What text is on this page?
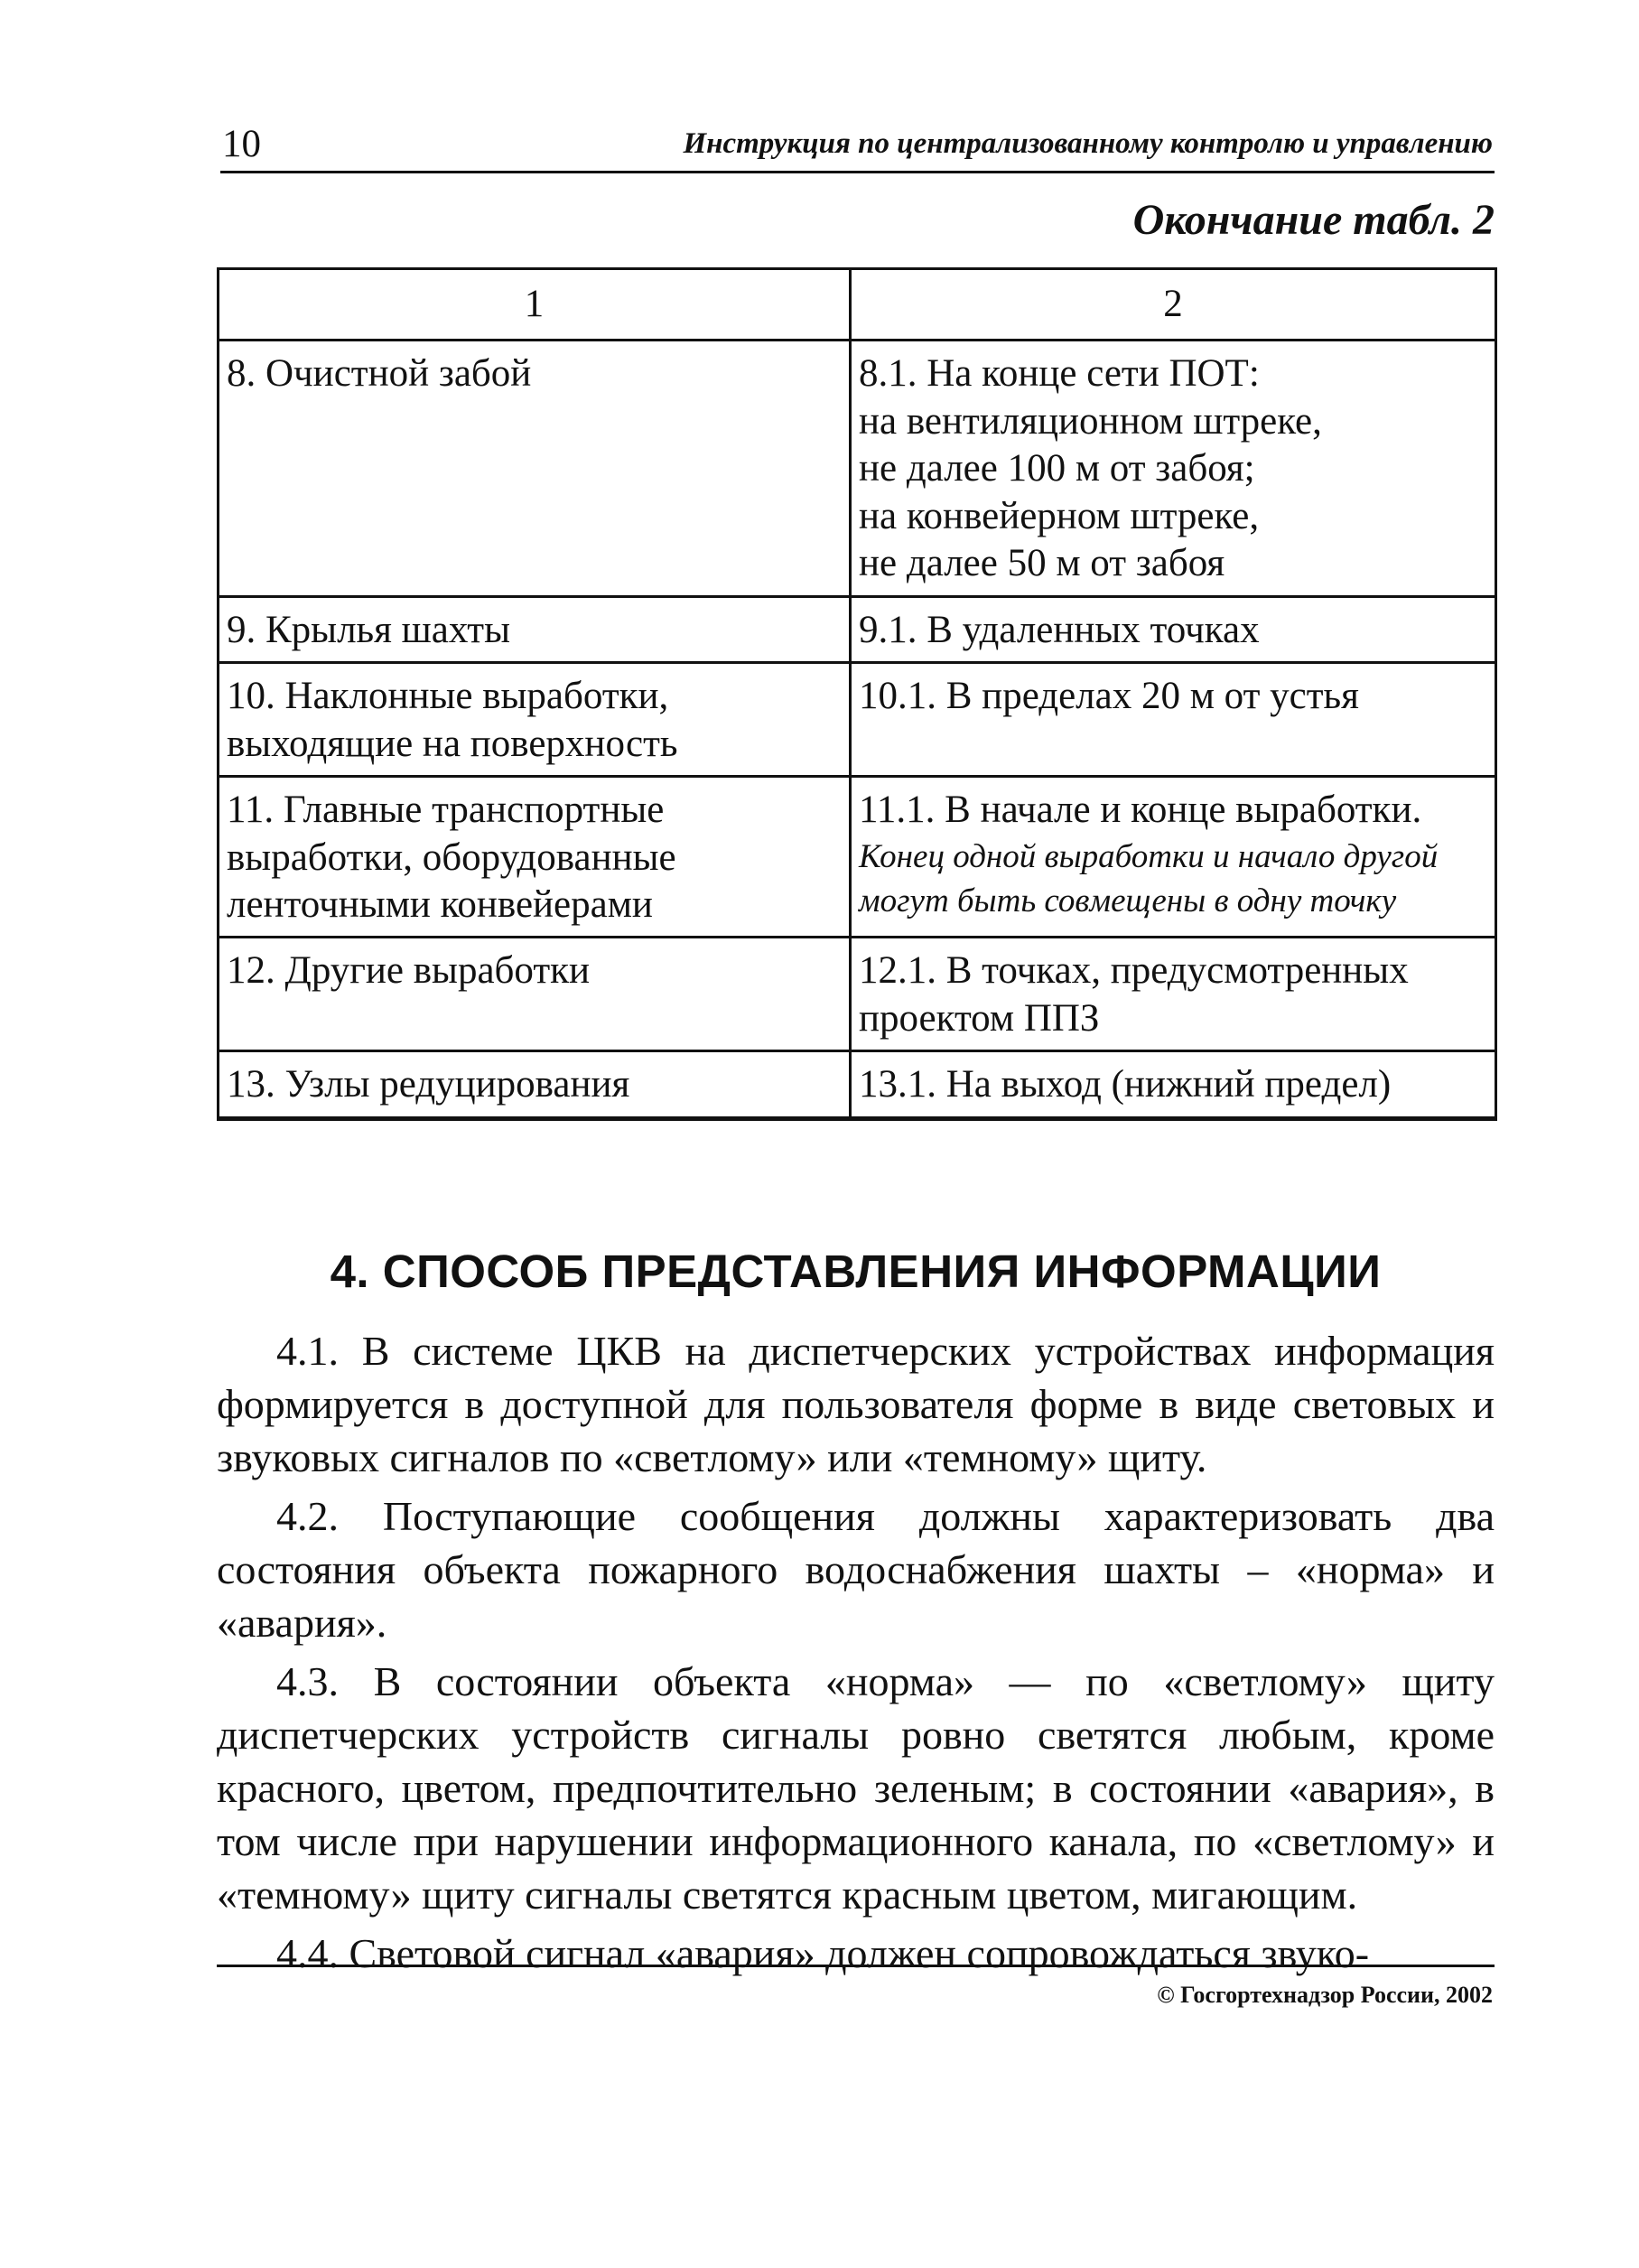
10	Инструкция по централизованному контролю и управлению
Окончание табл. 2
1	2
8. Очистной забой	8.1. На конце сети ПОТ:
на вентиляционном штреке,
не далее 100 м от забоя;
на конвейерном штреке,
не далее 50 м от забоя

9. Крылья шахты	9.1. В удаленных точках
10. Наклонные выработки, выходящие на поверхность	10.1. В пределах 20 м от устья
11. Главные транспортные выработки, оборудованные ленточными конвейерами	11.1. В начале и конце выработки.
Конец одной выработки и начало другой могут быть совмещены в одну точку

12. Другие выработки	12.1. В точках, предусмотренных проектом ППЗ
13. Узлы редуцирования	13.1. На выход (нижний предел)
4. СПОСОБ ПРЕДСТАВЛЕНИЯ ИНФОРМАЦИИ

4.1. В системе ЦКВ на диспетчерских устройствах информация формируется в доступной для пользователя форме в виде световых и звуковых сигналов по «светлому» или «темному» щиту.

4.2. Поступающие сообщения должны характеризовать два состояния объекта пожарного водоснабжения шахты – «норма» и «авария».

4.3. В состоянии объекта «норма» — по «светлому» щиту диспетчерских устройств сигналы ровно светятся любым, кроме красного, цветом, предпочтительно зеленым; в состоянии «авария», в том числе при нарушении информационного канала, по «светлому» и «темному» щиту сигналы светятся красным цветом, мигающим.

4.4. Световой сигнал «авария» должен сопровождаться звуко-

© Госгортехнадзор России, 2002
